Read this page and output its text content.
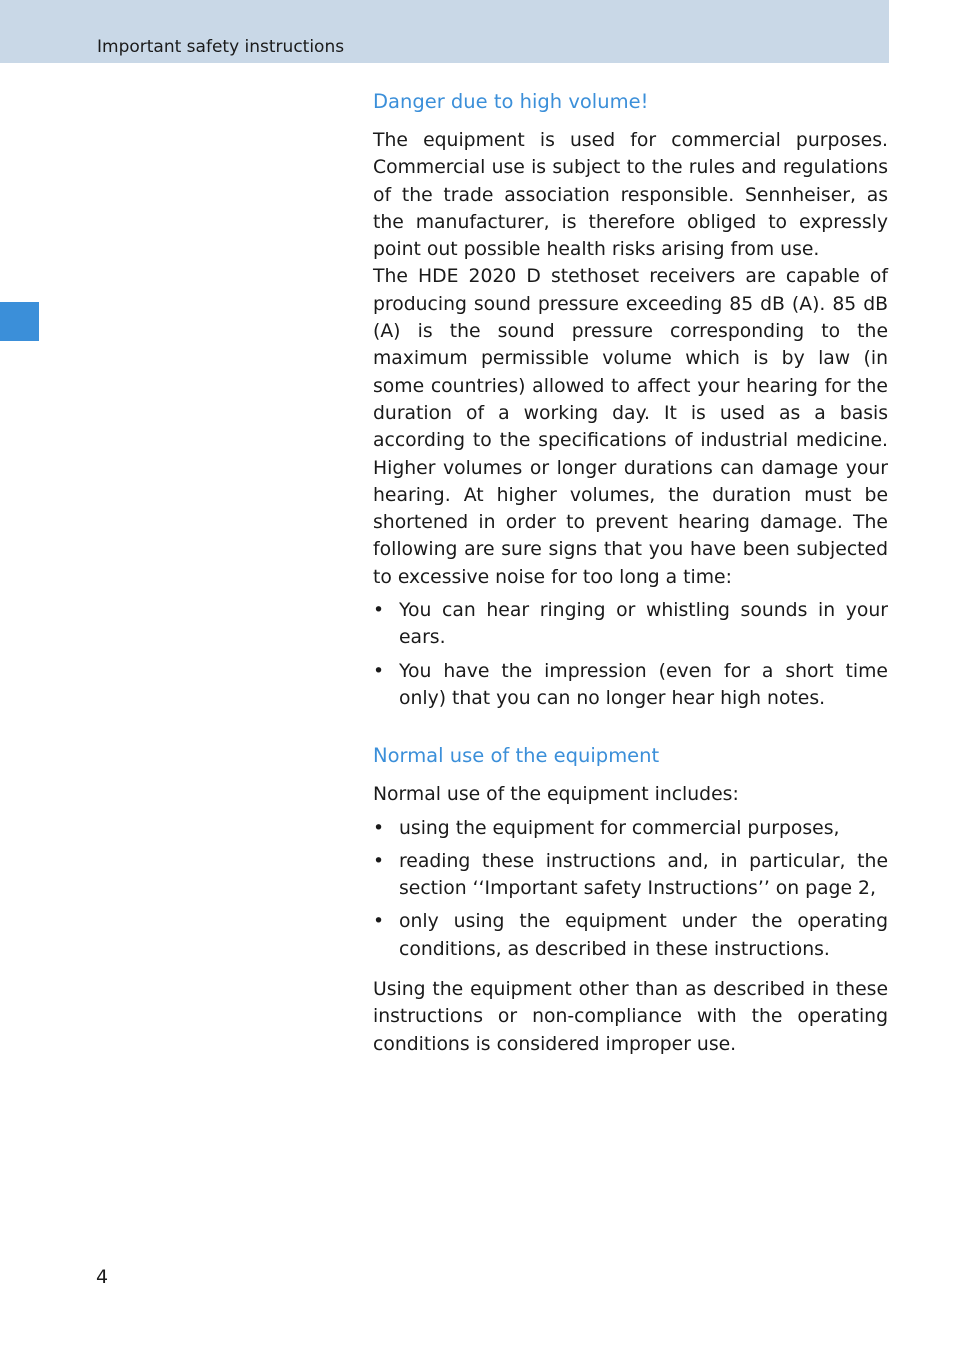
Important safety instructions
Danger due to high volume!

The equipment is used for commercial purposes. Commercial use is subject to the rules and regulations of the trade association responsible. Sennheiser, as the manufacturer, is therefore obliged to expressly point out possible health risks arising from use.

The HDE 2020 D stethoset receivers are capable of producing sound pressure exceeding 85 dB (A). 85 dB (A) is the sound pressure corresponding to the maximum permissible volume which is by law (in some countries) allowed to affect your hearing for the duration of a working day. It is used as a basis according to the specifications of industrial medicine. Higher volumes or longer durations can damage your hearing. At higher volumes, the duration must be shortened in order to prevent hearing damage. The following are sure signs that you have been subjected to excessive noise for too long a time:

• You can hear ringing or whistling sounds in your ears.
• You have the impression (even for a short time only) that you can no longer hear high notes.
Normal use of the equipment

Normal use of the equipment includes:

• using the equipment for commercial purposes,
• reading these instructions and, in particular, the section ‘‘Important safety Instructions’’ on page 2,
• only using the equipment under the operating conditions, as described in these instructions.

Using the equipment other than as described in these instructions or non-compliance with the operating conditions is considered improper use.

4
